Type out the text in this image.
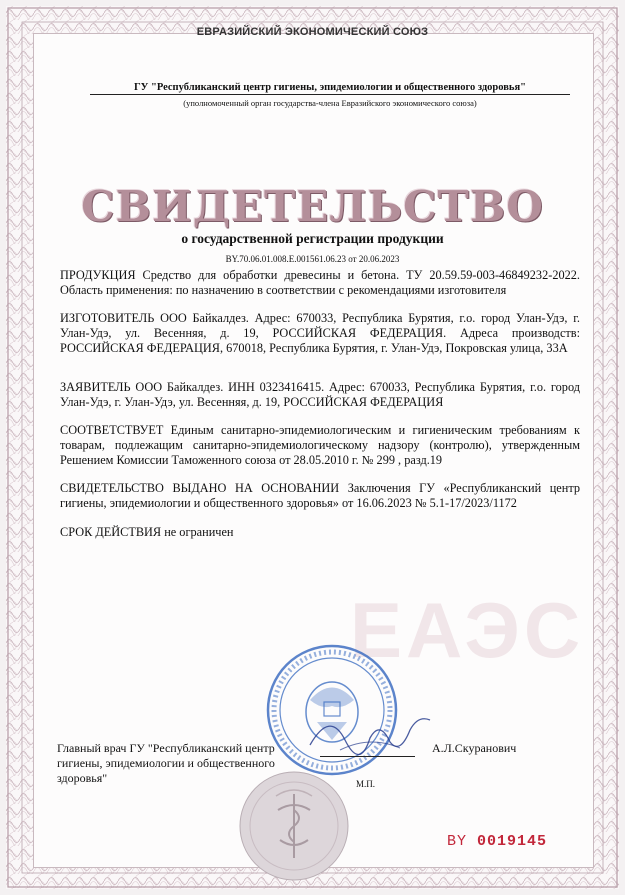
ЕВРАЗИЙСКИЙ ЭКОНОМИЧЕСКИЙ СОЮЗ
ГУ "Республиканский центр гигиены, эпидемиологии и общественного здоровья"
(уполномоченный орган государства-члена Евразийского экономического союза)
СВИДЕТЕЛЬСТВО
о государственной регистрации продукции
BY.70.06.01.008.E.001561.06.23 от 20.06.2023
ЕАЭС
ПРОДУКЦИЯ Средство для обработки древесины и бетона. ТУ 20.59.59-003-46849232-2022. Область применения: по назначению в соответствии с рекомендациями изготовителя
ИЗГОТОВИТЕЛЬ ООО Байкалдез. Адрес: 670033, Республика Бурятия, г.о. город Улан-Удэ, г. Улан-Удэ, ул. Весенняя, д. 19, РОССИЙСКАЯ ФЕДЕРАЦИЯ. Адреса производств: РОССИЙСКАЯ ФЕДЕРАЦИЯ, 670018, Республика Бурятия, г. Улан-Удэ, Покровская улица, 33А
ЗАЯВИТЕЛЬ ООО Байкалдез. ИНН 0323416415. Адрес: 670033, Республика Бурятия, г.о. город Улан-Удэ, г. Улан-Удэ, ул. Весенняя, д. 19, РОССИЙСКАЯ ФЕДЕРАЦИЯ
СООТВЕТСТВУЕТ Единым санитарно-эпидемиологическим и гигиеническим требованиям к товарам, подлежащим санитарно-эпидемиологическому надзору (контролю), утвержденным Решением Комиссии Таможенного союза от 28.05.2010 г. № 299 , разд.19
СВИДЕТЕЛЬСТВО ВЫДАНО НА ОСНОВАНИИ Заключения ГУ «Республиканский центр гигиены, эпидемиологии и общественного здоровья» от 16.06.2023 № 5.1-17/2023/1172
СРОК ДЕЙСТВИЯ не ограничен
Главный врач ГУ "Республиканский центр гигиены, эпидемиологии и общественного здоровья"
А.Л.Скуранович
М.П.
BY 0019145
